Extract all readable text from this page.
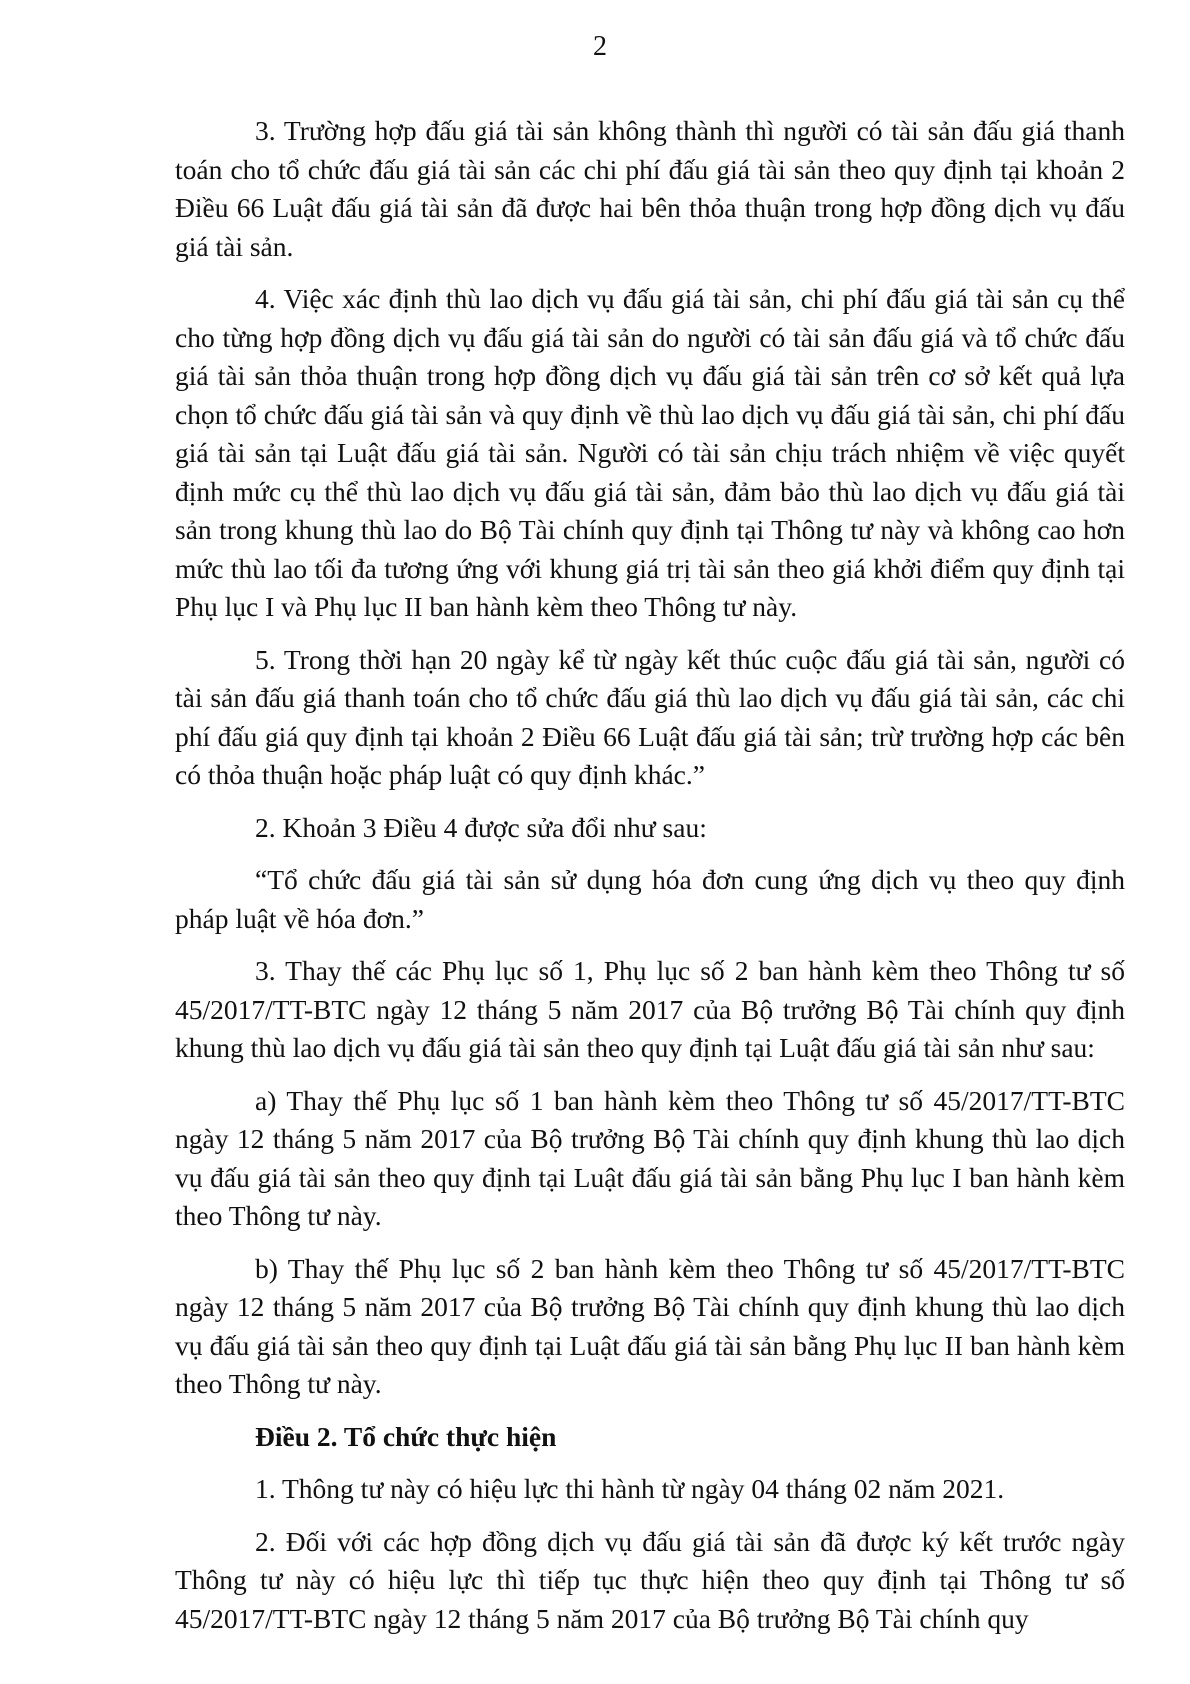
2

3. Trường hợp đấu giá tài sản không thành thì người có tài sản đấu giá thanh toán cho tổ chức đấu giá tài sản các chi phí đấu giá tài sản theo quy định tại khoản 2 Điều 66 Luật đấu giá tài sản đã được hai bên thỏa thuận trong hợp đồng dịch vụ đấu giá tài sản.

4. Việc xác định thù lao dịch vụ đấu giá tài sản, chi phí đấu giá tài sản cụ thể cho từng hợp đồng dịch vụ đấu giá tài sản do người có tài sản đấu giá và tổ chức đấu giá tài sản thỏa thuận trong hợp đồng dịch vụ đấu giá tài sản trên cơ sở kết quả lựa chọn tổ chức đấu giá tài sản và quy định về thù lao dịch vụ đấu giá tài sản, chi phí đấu giá tài sản tại Luật đấu giá tài sản. Người có tài sản chịu trách nhiệm về việc quyết định mức cụ thể thù lao dịch vụ đấu giá tài sản, đảm bảo thù lao dịch vụ đấu giá tài sản trong khung thù lao do Bộ Tài chính quy định tại Thông tư này và không cao hơn mức thù lao tối đa tương ứng với khung giá trị tài sản theo giá khởi điểm quy định tại Phụ lục I và Phụ lục II ban hành kèm theo Thông tư này.

5. Trong thời hạn 20 ngày kể từ ngày kết thúc cuộc đấu giá tài sản, người có tài sản đấu giá thanh toán cho tổ chức đấu giá thù lao dịch vụ đấu giá tài sản, các chi phí đấu giá quy định tại khoản 2 Điều 66 Luật đấu giá tài sản; trừ trường hợp các bên có thỏa thuận hoặc pháp luật có quy định khác.”

2. Khoản 3 Điều 4 được sửa đổi như sau:

“Tổ chức đấu giá tài sản sử dụng hóa đơn cung ứng dịch vụ theo quy định pháp luật về hóa đơn.”

3. Thay thế các Phụ lục số 1, Phụ lục số 2 ban hành kèm theo Thông tư số 45/2017/TT-BTC ngày 12 tháng 5 năm 2017 của Bộ trưởng Bộ Tài chính quy định khung thù lao dịch vụ đấu giá tài sản theo quy định tại Luật đấu giá tài sản như sau:

a) Thay thế Phụ lục số 1 ban hành kèm theo Thông tư số 45/2017/TT-BTC ngày 12 tháng 5 năm 2017 của Bộ trưởng Bộ Tài chính quy định khung thù lao dịch vụ đấu giá tài sản theo quy định tại Luật đấu giá tài sản bằng Phụ lục I ban hành kèm theo Thông tư này.

b) Thay thế Phụ lục số 2 ban hành kèm theo Thông tư số 45/2017/TT-BTC ngày 12 tháng 5 năm 2017 của Bộ trưởng Bộ Tài chính quy định khung thù lao dịch vụ đấu giá tài sản theo quy định tại Luật đấu giá tài sản bằng Phụ lục II ban hành kèm theo Thông tư này.

Điều 2. Tổ chức thực hiện

1. Thông tư này có hiệu lực thi hành từ ngày 04 tháng 02 năm 2021.

2. Đối với các hợp đồng dịch vụ đấu giá tài sản đã được ký kết trước ngày Thông tư này có hiệu lực thì tiếp tục thực hiện theo quy định tại Thông tư số 45/2017/TT-BTC ngày 12 tháng 5 năm 2017 của Bộ trưởng Bộ Tài chính quy
